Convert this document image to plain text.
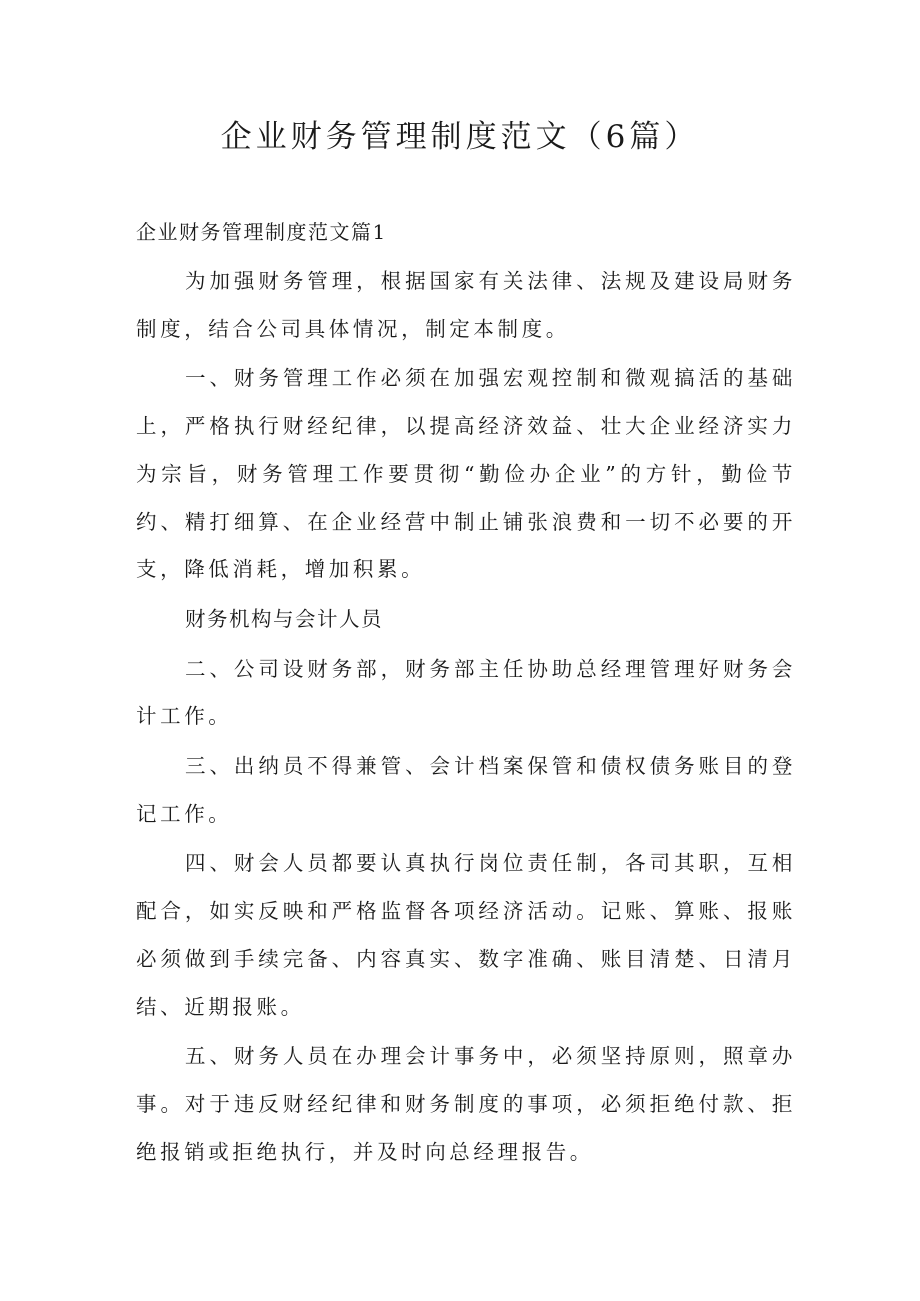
企业财务管理制度范文（6篇）
企业财务管理制度范文篇1

为加强财务管理，根据国家有关法律、法规及建设局财务制度，结合公司具体情况，制定本制度。

一、财务管理工作必须在加强宏观控制和微观搞活的基础上，严格执行财经纪律，以提高经济效益、壮大企业经济实力为宗旨，财务管理工作要贯彻“勤俭办企业”的方针，勤俭节约、精打细算、在企业经营中制止铺张浪费和一切不必要的开支，降低消耗，增加积累。

财务机构与会计人员

二、公司设财务部，财务部主任协助总经理管理好财务会计工作。

三、出纳员不得兼管、会计档案保管和债权债务账目的登记工作。

四、财会人员都要认真执行岗位责任制，各司其职，互相配合，如实反映和严格监督各项经济活动。记账、算账、报账必须做到手续完备、内容真实、数字准确、账目清楚、日清月结、近期报账。

五、财务人员在办理会计事务中，必须坚持原则，照章办事。对于违反财经纪律和财务制度的事项，必须拒绝付款、拒绝报销或拒绝执行，并及时向总经理报告。
